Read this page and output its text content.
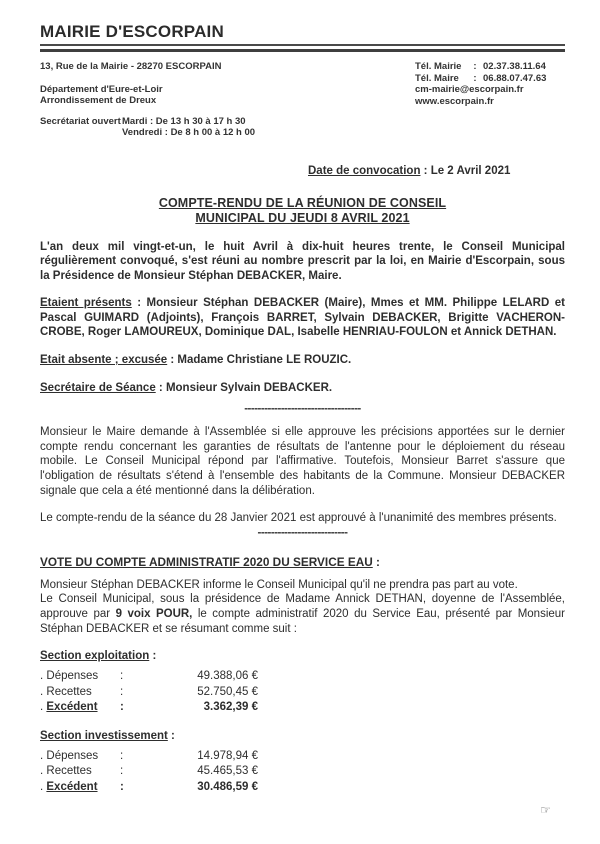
MAIRIE D'ESCORPAIN
13, Rue de la Mairie - 28270 ESCORPAIN
Département d'Eure-et-Loir
Arrondissement de Dreux
Secrétariat ouvert Mardi : De 13 h 30 à 17 h 30
Vendredi : De 8 h 00 à 12 h 00
Tél. Mairie	: 02.37.38.11.64
Tél. Maire	: 06.88.07.47.63
cm-mairie@escorpain.fr
www.escorpain.fr
Date de convocation : Le 2 Avril 2021
COMPTE-RENDU DE LA RÉUNION DE CONSEIL
MUNICIPAL DU JEUDI 8 AVRIL 2021
L'an deux mil vingt-et-un, le huit Avril à dix-huit heures trente, le Conseil Municipal régulièrement convoqué, s'est réuni au nombre prescrit par la loi, en Mairie d'Escorpain, sous la Présidence de Monsieur Stéphan DEBACKER, Maire.
Etaient présents : Monsieur Stéphan DEBACKER (Maire), Mmes et MM. Philippe LELARD et Pascal GUIMARD (Adjoints), François BARRET, Sylvain DEBACKER, Brigitte VACHERON-CROBE, Roger LAMOUREUX, Dominique DAL, Isabelle HENRIAU-FOULON et Annick DETHAN.
Etait absente ; excusée : Madame Christiane LE ROUZIC.
Secrétaire de Séance : Monsieur Sylvain DEBACKER.
-----------------------------------
Monsieur le Maire demande à l'Assemblée si elle approuve les précisions apportées sur le dernier compte rendu concernant les garanties de résultats de l'antenne pour le déploiement du réseau mobile. Le Conseil Municipal répond par l'affirmative. Toutefois, Monsieur Barret s'assure que l'obligation de résultats s'étend à l'ensemble des habitants de la Commune. Monsieur DEBACKER signale que cela a été mentionné dans la délibération.
Le compte-rendu de la séance du 28 Janvier 2021 est approuvé à l'unanimité des membres présents.
---------------------------
VOTE DU COMPTE ADMINISTRATIF 2020 DU SERVICE EAU :
Monsieur Stéphan DEBACKER informe le Conseil Municipal qu'il ne prendra pas part au vote.
Le Conseil Municipal, sous la présidence de Madame Annick DETHAN, doyenne de l'Assemblée, approuve par 9 voix POUR, le compte administratif 2020 du Service Eau, présenté par Monsieur Stéphan DEBACKER et se résumant comme suit :
Section exploitation :
. Dépenses	:	49.388,06 €
. Recettes	:	52.750,45 €
. Excédent	:	3.362,39 €
Section investissement :
. Dépenses	:	14.978,94 €
. Recettes	:	45.465,53 €
. Excédent	:	30.486,59 €
☞
